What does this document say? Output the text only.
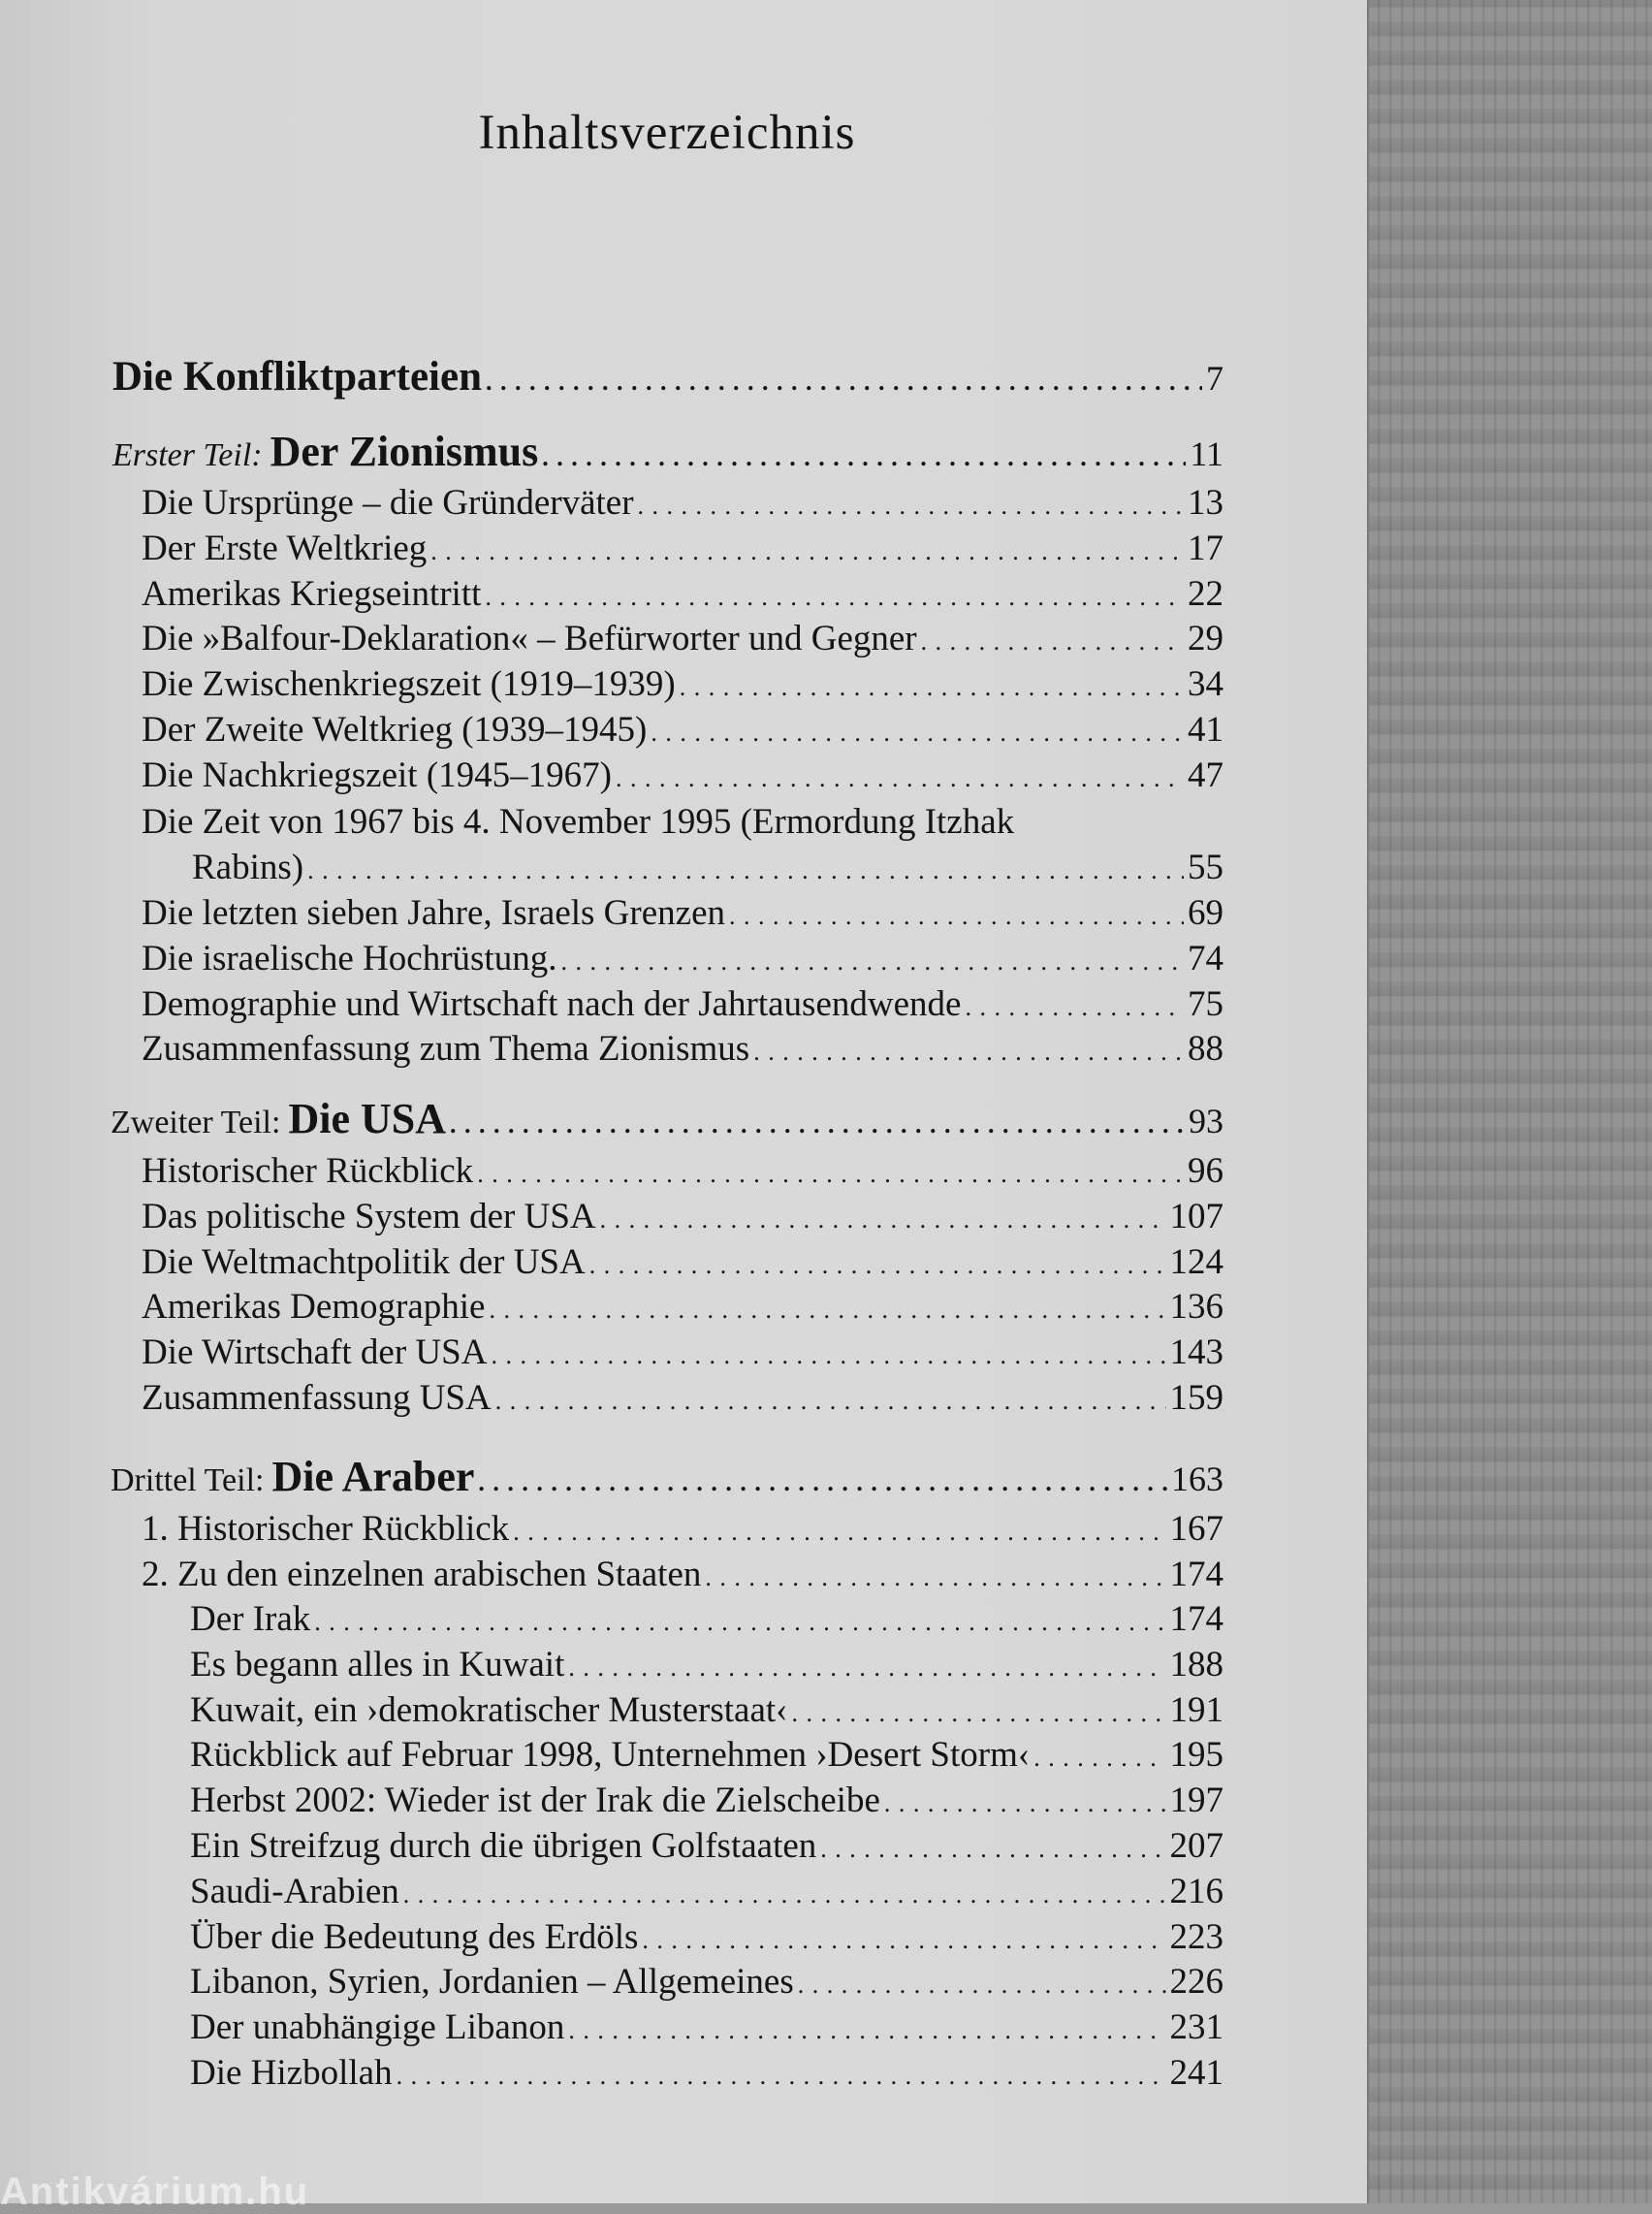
Inhaltsverzeichnis
Die Konfliktparteien . . .	7
Erster Teil: Der Zionismus . . .	11
Die Ursprünge – die Gründerväter . . .	13
Der Erste Weltkrieg . . .	17
Amerikas Kriegseintritt . . .	22
Die »Balfour-Deklaration« – Befürworter und Gegner . . .	29
Die Zwischenkriegszeit (1919–1939) . . .	34
Der Zweite Weltkrieg (1939–1945) . . .	41
Die Nachkriegszeit (1945–1967) . . .	47
Die Zeit von 1967 bis 4. November 1995 (Ermordung Itzhak
Rabins) . . .	55
Die letzten sieben Jahre, Israels Grenzen . . .	69
Die israelische Hochrüstung. . . .	74
Demographie und Wirtschaft nach der Jahrtausendwende . . .	75
Zusammenfassung zum Thema Zionismus . . .	88
Zweiter Teil: Die USA . . .	93
Historischer Rückblick . . .	96
Das politische System der USA . . .	107
Die Weltmachtpolitik der USA . . .	124
Amerikas Demographie . . .	136
Die Wirtschaft der USA . . .	143
Zusammenfassung USA . . .	159
Drittel Teil: Die Araber . . .	163
1. Historischer Rückblick . . .	167
2. Zu den einzelnen arabischen Staaten . . .	174
Der Irak . . .	174
Es begann alles in Kuwait . . .	188
Kuwait, ein ›demokratischer Musterstaat‹ . . .	191
Rückblick auf Februar 1998, Unternehmen ›Desert Storm‹ . . .	195
Herbst 2002: Wieder ist der Irak die Zielscheibe . . .	197
Ein Streifzug durch die übrigen Golfstaaten . . .	207
Saudi-Arabien . . .	216
Über die Bedeutung des Erdöls . . .	223
Libanon, Syrien, Jordanien – Allgemeines . . .	226
Der unabhängige Libanon . . .	231
Die Hizbollah . . .	241
Antikvárium.hu
